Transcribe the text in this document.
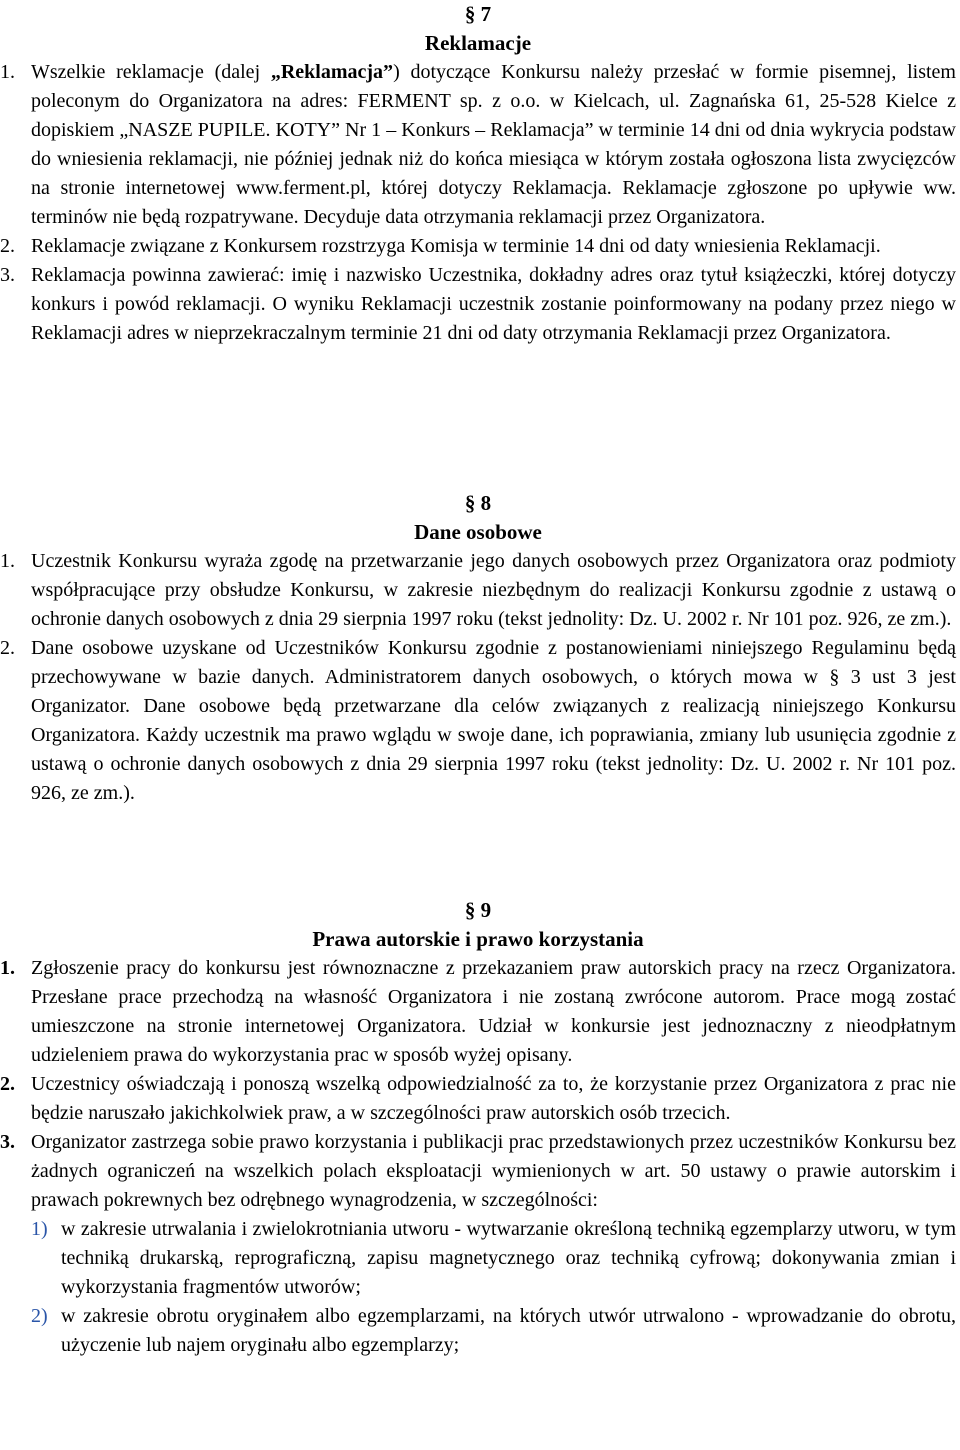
§ 7
Reklamacje

1. Wszelkie reklamacje (dalej „Reklamacja”) dotyczące Konkursu należy przesłać w formie pisemnej, listem poleconym do Organizatora na adres: FERMENT sp. z o.o. w Kielcach, ul. Zagnańska 61, 25-528 Kielce z dopiskiem „NASZE PUPILE. KOTY” Nr 1 – Konkurs – Reklamacja” w terminie 14 dni od dnia wykrycia podstaw do wniesienia reklamacji, nie później jednak niż do końca miesiąca w którym została ogłoszona lista zwycięzców na stronie internetowej www.ferment.pl, której dotyczy Reklamacja. Reklamacje zgłoszone po upływie ww. terminów nie będą rozpatrywane. Decyduje data otrzymania reklamacji przez Organizatora.

2. Reklamacje związane z Konkursem rozstrzyga Komisja w terminie 14 dni od daty wniesienia Reklamacji.

3. Reklamacja powinna zawierać: imię i nazwisko Uczestnika, dokładny adres oraz tytuł książeczki, której dotyczy konkurs i powód reklamacji. O wyniku Reklamacji uczestnik zostanie poinformowany na podany przez niego w Reklamacji adres w nieprzekraczalnym terminie 21 dni od daty otrzymania Reklamacji przez Organizatora.

§ 8
Dane osobowe

1. Uczestnik Konkursu wyraża zgodę na przetwarzanie jego danych osobowych przez Organizatora oraz podmioty współpracujące przy obsłudze Konkursu, w zakresie niezbędnym do realizacji Konkursu zgodnie z ustawą o ochronie danych osobowych z dnia 29 sierpnia 1997 roku (tekst jednolity: Dz. U. 2002 r. Nr 101 poz. 926, ze zm.).

2. Dane osobowe uzyskane od Uczestników Konkursu zgodnie z postanowieniami niniejszego Regulaminu będą przechowywane w bazie danych. Administratorem danych osobowych, o których mowa w § 3 ust 3 jest Organizator. Dane osobowe będą przetwarzane dla celów związanych z realizacją niniejszego Konkursu Organizatora. Każdy uczestnik ma prawo wglądu w swoje dane, ich poprawiania, zmiany lub usunięcia zgodnie z ustawą o ochronie danych osobowych z dnia 29 sierpnia 1997 roku (tekst jednolity: Dz. U. 2002 r. Nr 101 poz. 926, ze zm.).

§ 9
Prawa autorskie i prawo korzystania

1. Zgłoszenie pracy do konkursu jest równoznaczne z przekazaniem praw autorskich pracy na rzecz Organizatora. Przesłane prace przechodzą na własność Organizatora i nie zostaną zwrócone autorom. Prace mogą zostać umieszczone na stronie internetowej Organizatora. Udział w konkursie jest jednoznaczny z nieodpłatnym udzieleniem prawa do wykorzystania prac w sposób wyżej opisany.

2. Uczestnicy oświadczają i ponoszą wszelką odpowiedzialność za to, że korzystanie przez Organizatora z prac nie będzie naruszało jakichkolwiek praw, a w szczególności praw autorskich osób trzecich.

3. Organizator zastrzega sobie prawo korzystania i publikacji prac przedstawionych przez uczestników Konkursu bez żadnych ograniczeń na wszelkich polach eksploatacji wymienionych w art. 50 ustawy o prawie autorskim i prawach pokrewnych bez odrębnego wynagrodzenia, w szczególności:

1) w zakresie utrwalania i zwielokrotniania utworu - wytwarzanie określoną techniką egzemplarzy utworu, w tym techniką drukarską, reprograficzną, zapisu magnetycznego oraz techniką cyfrową; dokonywania zmian i wykorzystania fragmentów utworów;
2) w zakresie obrotu oryginałem albo egzemplarzami, na których utwór utrwalono - wprowadzanie do obrotu, użyczenie lub najem oryginału albo egzemplarzy;
